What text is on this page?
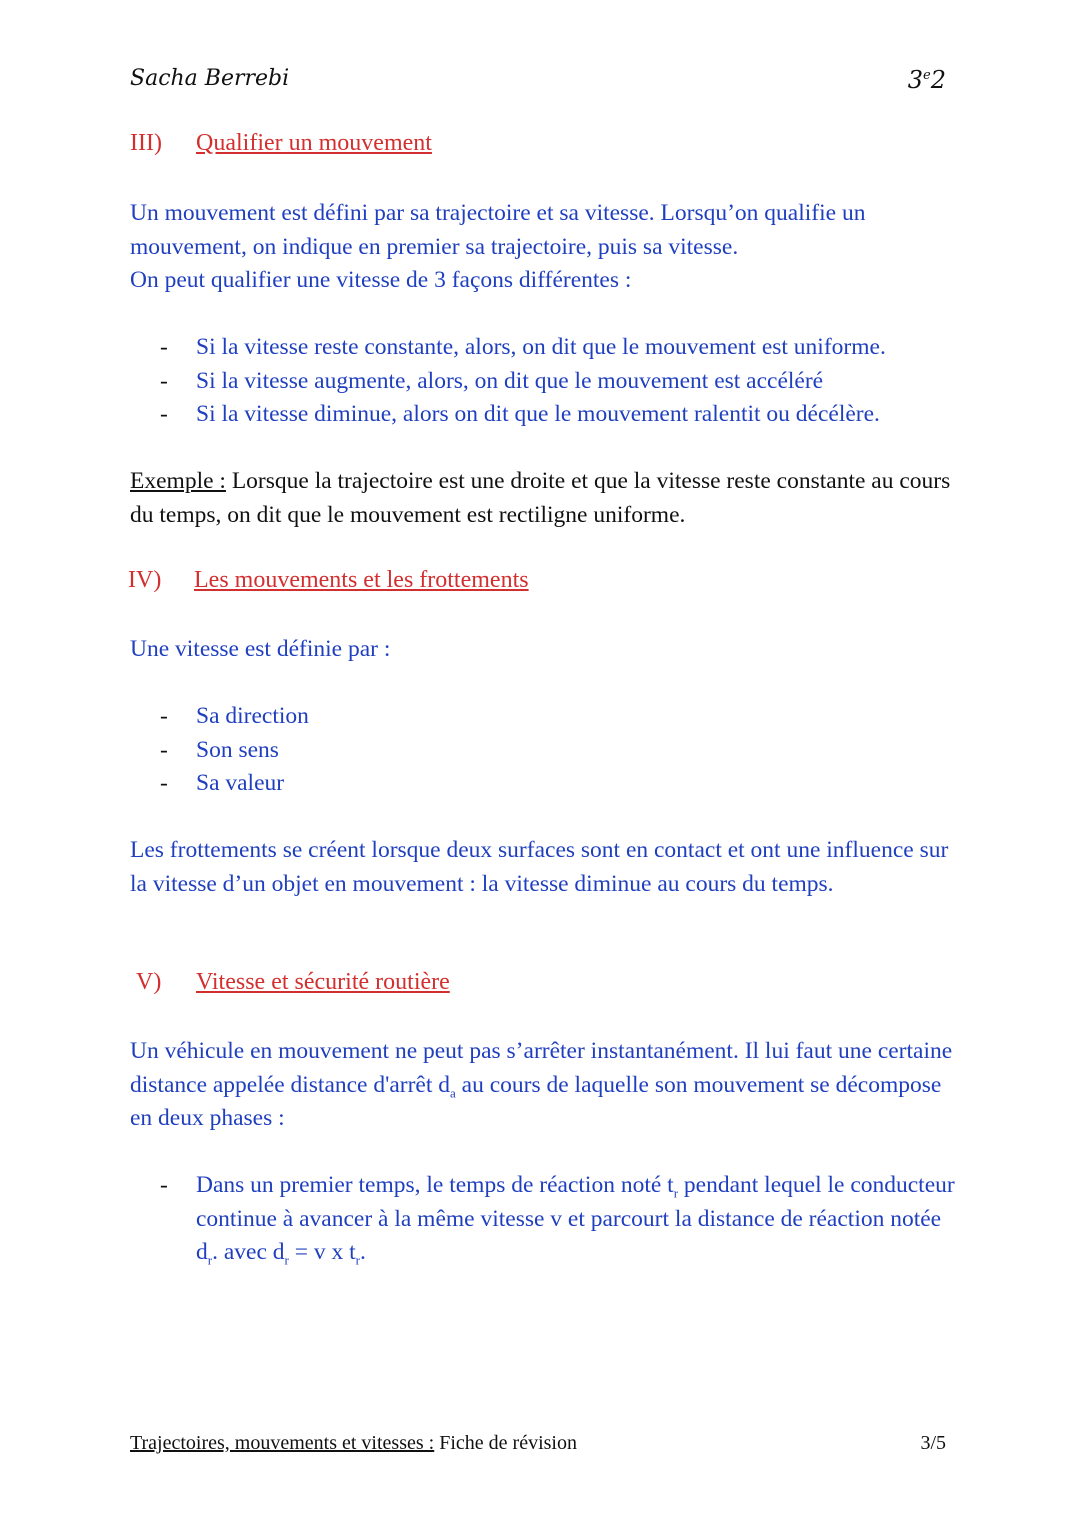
Sacha Berrebi	3e2
III) Qualifier un mouvement
Un mouvement est défini par sa trajectoire et sa vitesse. Lorsqu’on qualifie un mouvement, on indique en premier sa trajectoire, puis sa vitesse.
On peut qualifier une vitesse de 3 façons différentes :
- Si la vitesse reste constante, alors, on dit que le mouvement est uniforme.
- Si la vitesse augmente, alors, on dit que le mouvement est accéléré
- Si la vitesse diminue, alors on dit que le mouvement ralentit ou décélère.
Exemple : Lorsque la trajectoire est une droite et que la vitesse reste constante au cours du temps, on dit que le mouvement est rectiligne uniforme.
IV) Les mouvements et les frottements
Une vitesse est définie par :
- Sa direction
- Son sens
- Sa valeur
Les frottements se créent lorsque deux surfaces sont en contact et ont une influence sur la vitesse d’un objet en mouvement : la vitesse diminue au cours du temps.
V) Vitesse et sécurité routière
Un véhicule en mouvement ne peut pas s’arrêter instantanément. Il lui faut une certaine distance appelée distance d'arrêt $d_a$ au cours de laquelle son mouvement se décompose en deux phases :
- Dans un premier temps, le temps de réaction noté $t_r$ pendant lequel le conducteur continue à avancer à la même vitesse v et parcourt la distance de réaction notée $d_r$. avec $d_r = v$ x $t_r$.
Trajectoires, mouvements et vitesses : Fiche de révision	3/5
